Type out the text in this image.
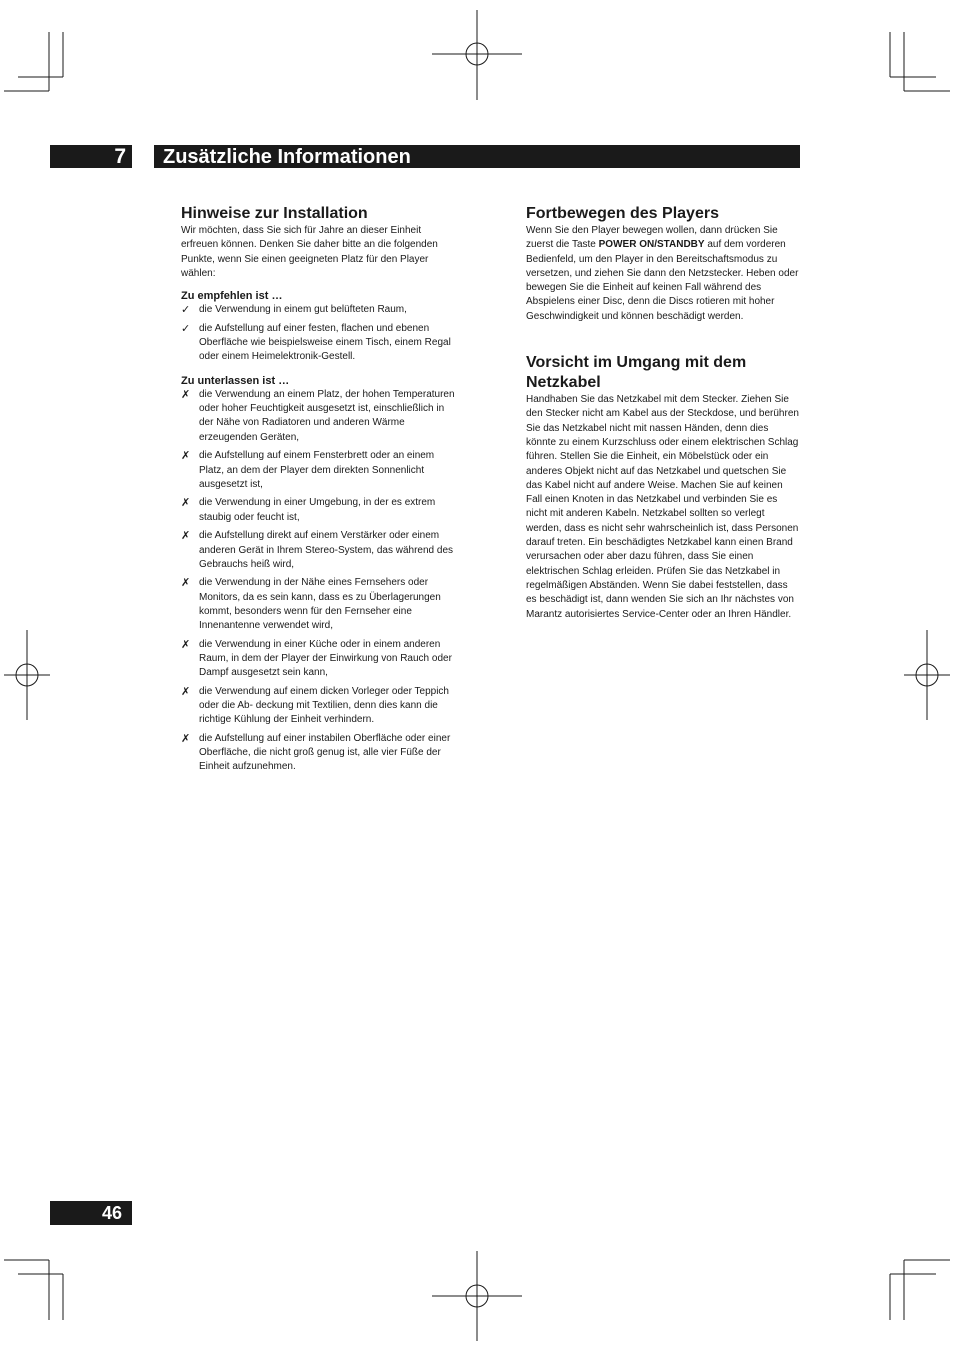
7	Zusätzliche Informationen
Hinweise zur Installation

Wir möchten, dass Sie sich für Jahre an dieser Einheit erfreuen können. Denken Sie daher bitte an die folgenden Punkte, wenn Sie einen geeigneten Platz für den Player wählen:

Zu empfehlen ist …
✓ die Verwendung in einem gut belüfteten Raum,
✓ die Aufstellung auf einer festen, flachen und ebenen Oberfläche wie beispielsweise einem Tisch, einem Regal oder einem Heimelektronik-Gestell.
Zu unterlassen ist …
✗ die Verwendung an einem Platz, der hohen Temperaturen oder hoher Feuchtigkeit ausgesetzt ist, einschließlich in der Nähe von Radiatoren und anderen Wärme erzeugenden Geräten,
✗ die Aufstellung auf einem Fensterbrett oder an einem Platz, an dem der Player dem direkten Sonnenlicht ausgesetzt ist,
✗ die Verwendung in einer Umgebung, in der es extrem staubig oder feucht ist,
✗ die Aufstellung direkt auf einem Verstärker oder einem anderen Gerät in Ihrem Stereo-System, das während des Gebrauchs heiß wird,
✗ die Verwendung in der Nähe eines Fernsehers oder Monitors, da es sein kann, dass es zu Überlagerungen kommt, besonders wenn für den Fernseher eine Innenantenne verwendet wird,
✗ die Verwendung in einer Küche oder in einem anderen Raum, in dem der Player der Einwirkung von Rauch oder Dampf ausgesetzt sein kann,
✗ die Verwendung auf einem dicken Vorleger oder Teppich oder die Ab- deckung mit Textilien, denn dies kann die richtige Kühlung der Einheit verhindern.
✗ die Aufstellung auf einer instabilen Oberfläche oder einer Oberfläche, die nicht groß genug ist, alle vier Füße der Einheit aufzunehmen.
Fortbewegen des Players

Wenn Sie den Player bewegen wollen, dann drücken Sie zuerst die Taste POWER ON/STANDBY auf dem vorderen Bedienfeld, um den Player in den Bereitschaftsmodus zu versetzen, und ziehen Sie dann den Netzstecker. Heben oder bewegen Sie die Einheit auf keinen Fall während des Abspielens einer Disc, denn die Discs rotieren mit hoher Geschwindigkeit und können beschädigt werden.

Vorsicht im Umgang mit dem Netzkabel

Handhaben Sie das Netzkabel mit dem Stecker. Ziehen Sie den Stecker nicht am Kabel aus der Steckdose, und berühren Sie das Netzkabel nicht mit nassen Händen, denn dies könnte zu einem Kurzschluss oder einem elektrischen Schlag führen. Stellen Sie die Einheit, ein Möbelstück oder ein anderes Objekt nicht auf das Netzkabel und quetschen Sie das Kabel nicht auf andere Weise. Machen Sie auf keinen Fall einen Knoten in das Netzkabel und verbinden Sie es nicht mit anderen Kabeln. Netzkabel sollten so verlegt werden, dass es nicht sehr wahrscheinlich ist, dass Personen darauf treten. Ein beschädigtes Netzkabel kann einen Brand verursachen oder aber dazu führen, dass Sie einen elektrischen Schlag erleiden. Prüfen Sie das Netzkabel in regelmäßigen Abständen. Wenn Sie dabei feststellen, dass es beschädigt ist, dann wenden Sie sich an Ihr nächstes von Marantz autorisiertes Service-Center oder an Ihren Händler.

46
